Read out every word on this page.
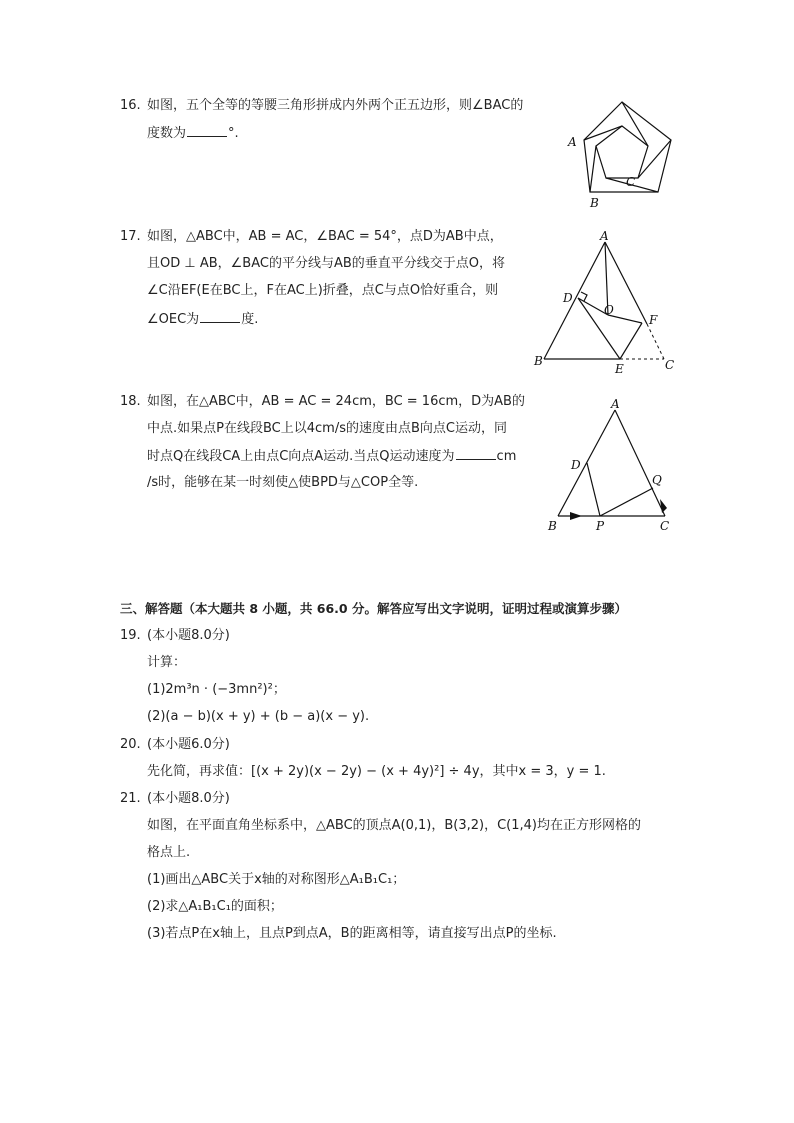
16. 如图，五个全等的等腰三角形拼成内外两个正五边形，则∠BAC的
度数为	°.
A
B
C
17. 如图，△ABC中，AB = AC，∠BAC = 54°，点D为AB中点，
且OD ⊥ AB，∠BAC的平分线与AB的垂直平分线交于点O，将
∠C沿EF(E在BC上，F在AC上)折叠，点C与点O恰好重合，则
∠OEC为	度.
A
D
O
F
B
E	C
18. 如图，在△ABC中，AB = AC = 24cm，BC = 16cm，D为AB的
中点.如果点P在线段BC上以4cm/s的速度由点B向点C运动，同
时点Q在线段CA上由点C向点A运动.当点Q运动速度为	cm
/s时，能够在某一时刻使△使BPD与△COP全等.
A
D
Q
B	P	C
三、解答题（本大题共 8 小题，共 66.0 分。解答应写出文字说明，证明过程或演算步骤）
19. (本小题8.0分)
计算：
(1)2m³n · (−3mn²)²；
(2)(a − b)(x + y) + (b − a)(x − y).
20. (本小题6.0分)
先化简，再求值：[(x + 2y)(x − 2y) − (x + 4y)²] ÷ 4y，其中x = 3，y = 1.
21. (本小题8.0分)
如图，在平面直角坐标系中，△ABC的顶点A(0,1)，B(3,2)，C(1,4)均在正方形网格的
格点上.
(1)画出△ABC关于x轴的对称图形△A₁B₁C₁；
(2)求△A₁B₁C₁的面积；
(3)若点P在x轴上，且点P到点A，B的距离相等，请直接写出点P的坐标.
